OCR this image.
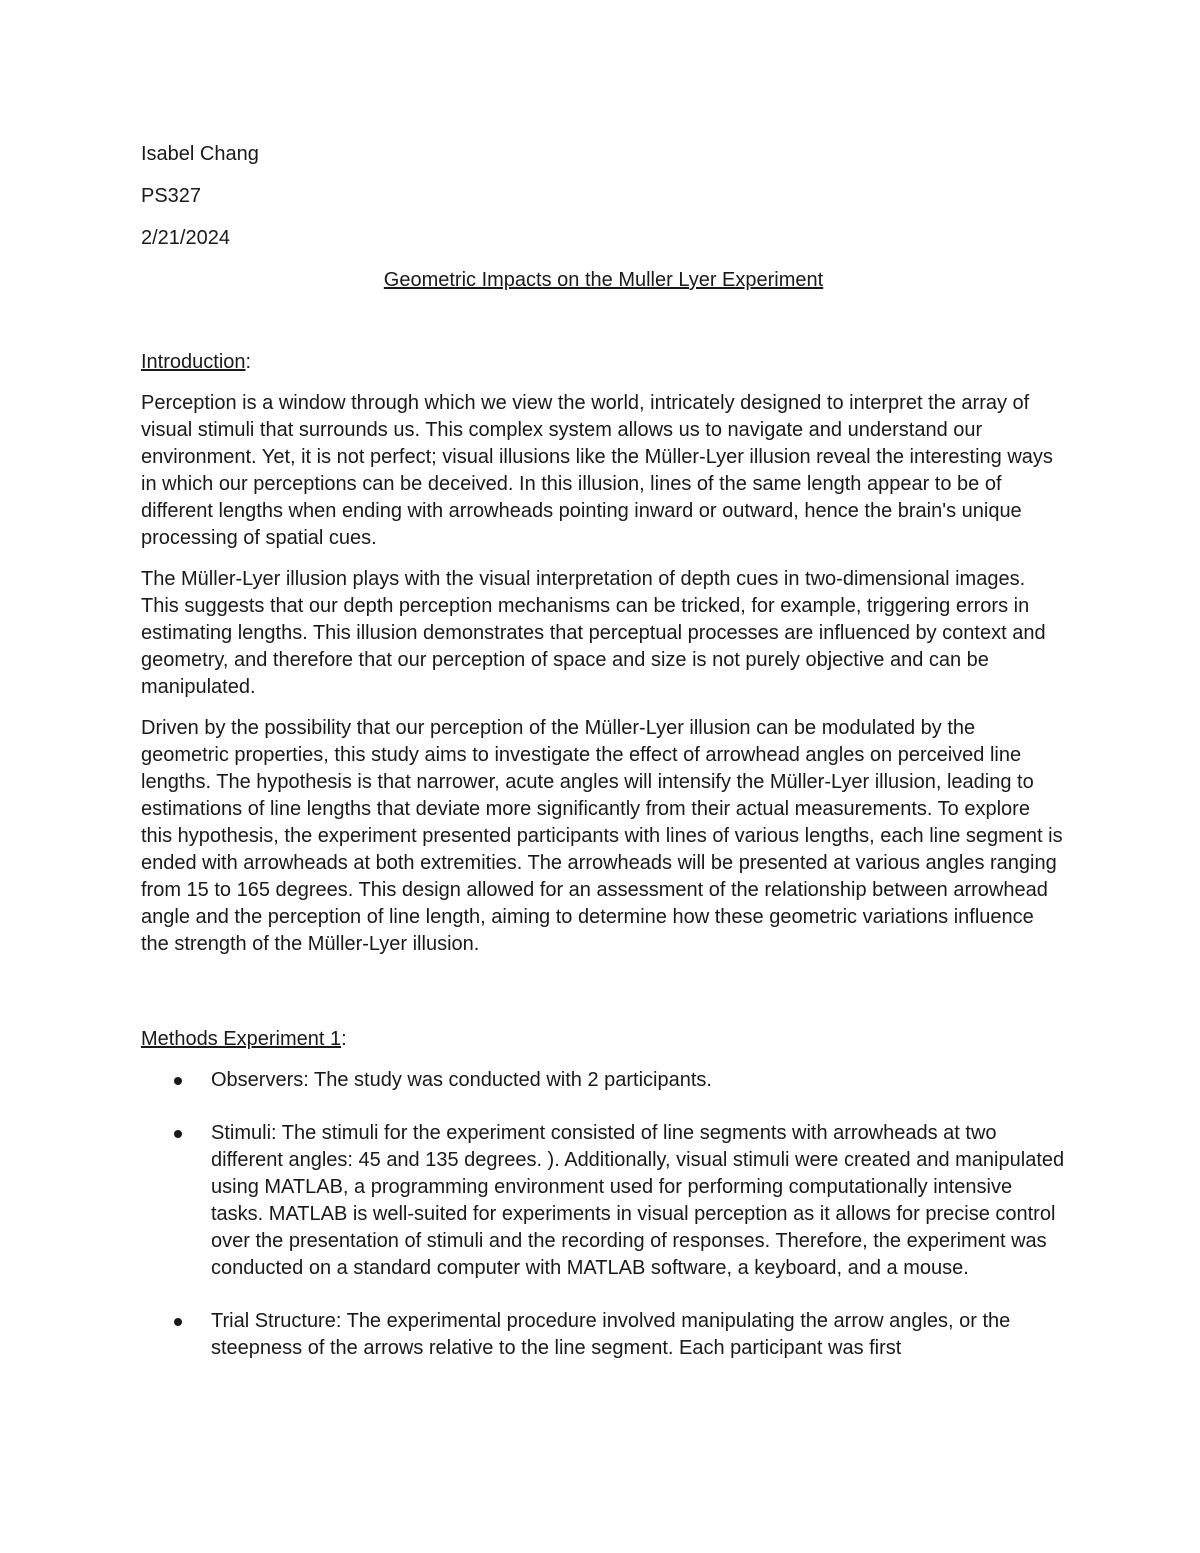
Isabel Chang

PS327

2/21/2024

Geometric Impacts on the Muller Lyer Experiment

Introduction:

Perception is a window through which we view the world, intricately designed to interpret the array of visual stimuli that surrounds us. This complex system allows us to navigate and understand our environment. Yet, it is not perfect; visual illusions like the Müller-Lyer illusion reveal the interesting ways in which our perceptions can be deceived. In this illusion, lines of the same length appear to be of different lengths when ending with arrowheads pointing inward or outward, hence the brain's unique processing of spatial cues.

The Müller-Lyer illusion plays with the visual interpretation of depth cues in two-dimensional images. This suggests that our depth perception mechanisms can be tricked, for example, triggering errors in estimating lengths. This illusion demonstrates that perceptual processes are influenced by context and geometry, and therefore that our perception of space and size is not purely objective and can be manipulated.

Driven by the possibility that our perception of the Müller-Lyer illusion can be modulated by the geometric properties, this study aims to investigate the effect of arrowhead angles on perceived line lengths. The hypothesis is that narrower, acute angles will intensify the Müller-Lyer illusion, leading to estimations of line lengths that deviate more significantly from their actual measurements. To explore this hypothesis, the experiment presented participants with lines of various lengths, each line segment is ended with arrowheads at both extremities. The arrowheads will be presented at various angles ranging from 15 to 165 degrees. This design allowed for an assessment of the relationship between arrowhead angle and the perception of line length, aiming to determine how these geometric variations influence the strength of the Müller-Lyer illusion.

Methods Experiment 1:

Observers: The study was conducted with 2 participants.
Stimuli: The stimuli for the experiment consisted of line segments with arrowheads at two different angles: 45 and 135 degrees. ). Additionally, visual stimuli were created and manipulated using MATLAB, a programming environment used for performing computationally intensive tasks. MATLAB is well-suited for experiments in visual perception as it allows for precise control over the presentation of stimuli and the recording of responses. Therefore, the experiment was conducted on a standard computer with MATLAB software, a keyboard, and a mouse.
Trial Structure: The experimental procedure involved manipulating the arrow angles, or the steepness of the arrows relative to the line segment. Each participant was first
